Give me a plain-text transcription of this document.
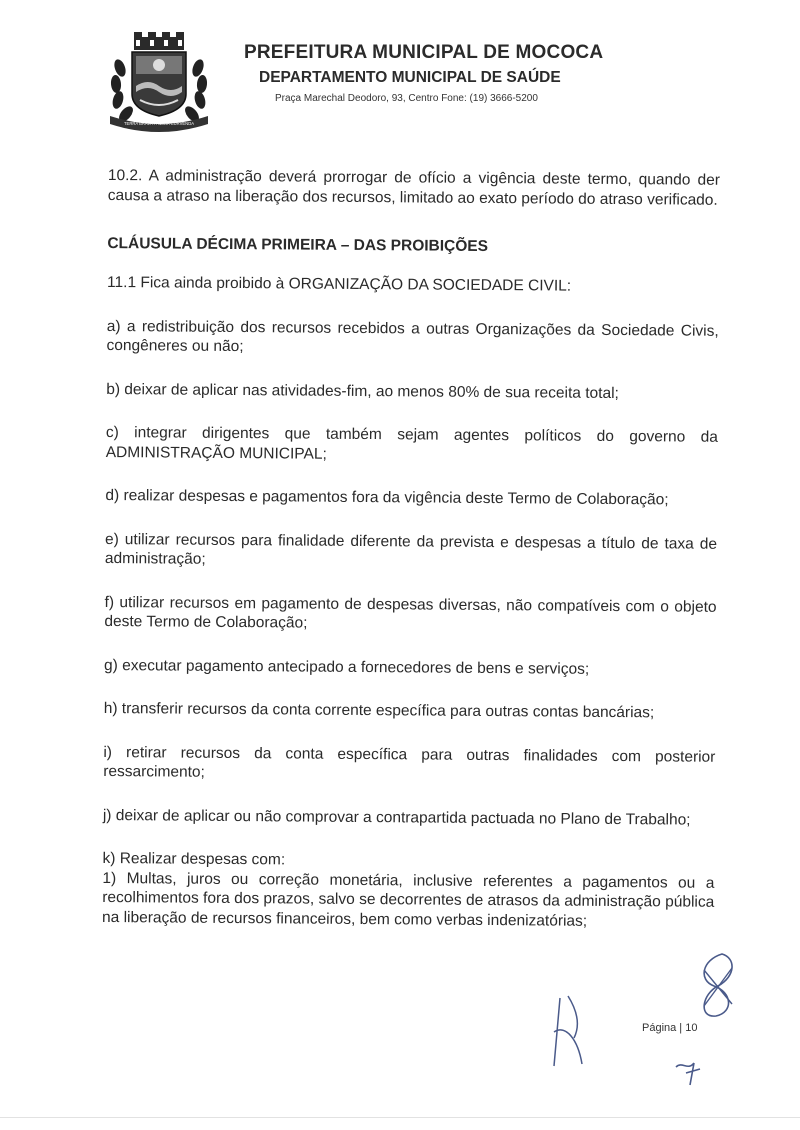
TERRA BRAVA FAMILIA CURVENDA

PREFEITURA MUNICIPAL DE MOCOCA

DEPARTAMENTO MUNICIPAL DE SAÚDE

Praça Marechal Deodoro, 93, Centro Fone: (19) 3666-5200

10.2. A administração deverá prorrogar de ofício a vigência deste termo, quando der causa a atraso na liberação dos recursos, limitado ao exato período do atraso verificado.

CLÁUSULA DÉCIMA PRIMEIRA – DAS PROIBIÇÕES

11.1 Fica ainda proibido à ORGANIZAÇÃO DA SOCIEDADE CIVIL:

a) a redistribuição dos recursos recebidos a outras Organizações da Sociedade Civis, congêneres ou não;

b) deixar de aplicar nas atividades-fim, ao menos 80% de sua receita total;

c) integrar dirigentes que também sejam agentes políticos do governo da ADMINISTRAÇÃO MUNICIPAL;

d) realizar despesas e pagamentos fora da vigência deste Termo de Colaboração;

e) utilizar recursos para finalidade diferente da prevista e despesas a título de taxa de administração;

f) utilizar recursos em pagamento de despesas diversas, não compatíveis com o objeto deste Termo de Colaboração;

g) executar pagamento antecipado a fornecedores de bens e serviços;

h) transferir recursos da conta corrente específica para outras contas bancárias;

i) retirar recursos da conta específica para outras finalidades com posterior ressarcimento;

j) deixar de aplicar ou não comprovar a contrapartida pactuada no Plano de Trabalho;

k) Realizar despesas com:

1) Multas, juros ou correção monetária, inclusive referentes a pagamentos ou a recolhimentos fora dos prazos, salvo se decorrentes de atrasos da administração pública na liberação de recursos financeiros, bem como verbas indenizatórias;

Página | 10
